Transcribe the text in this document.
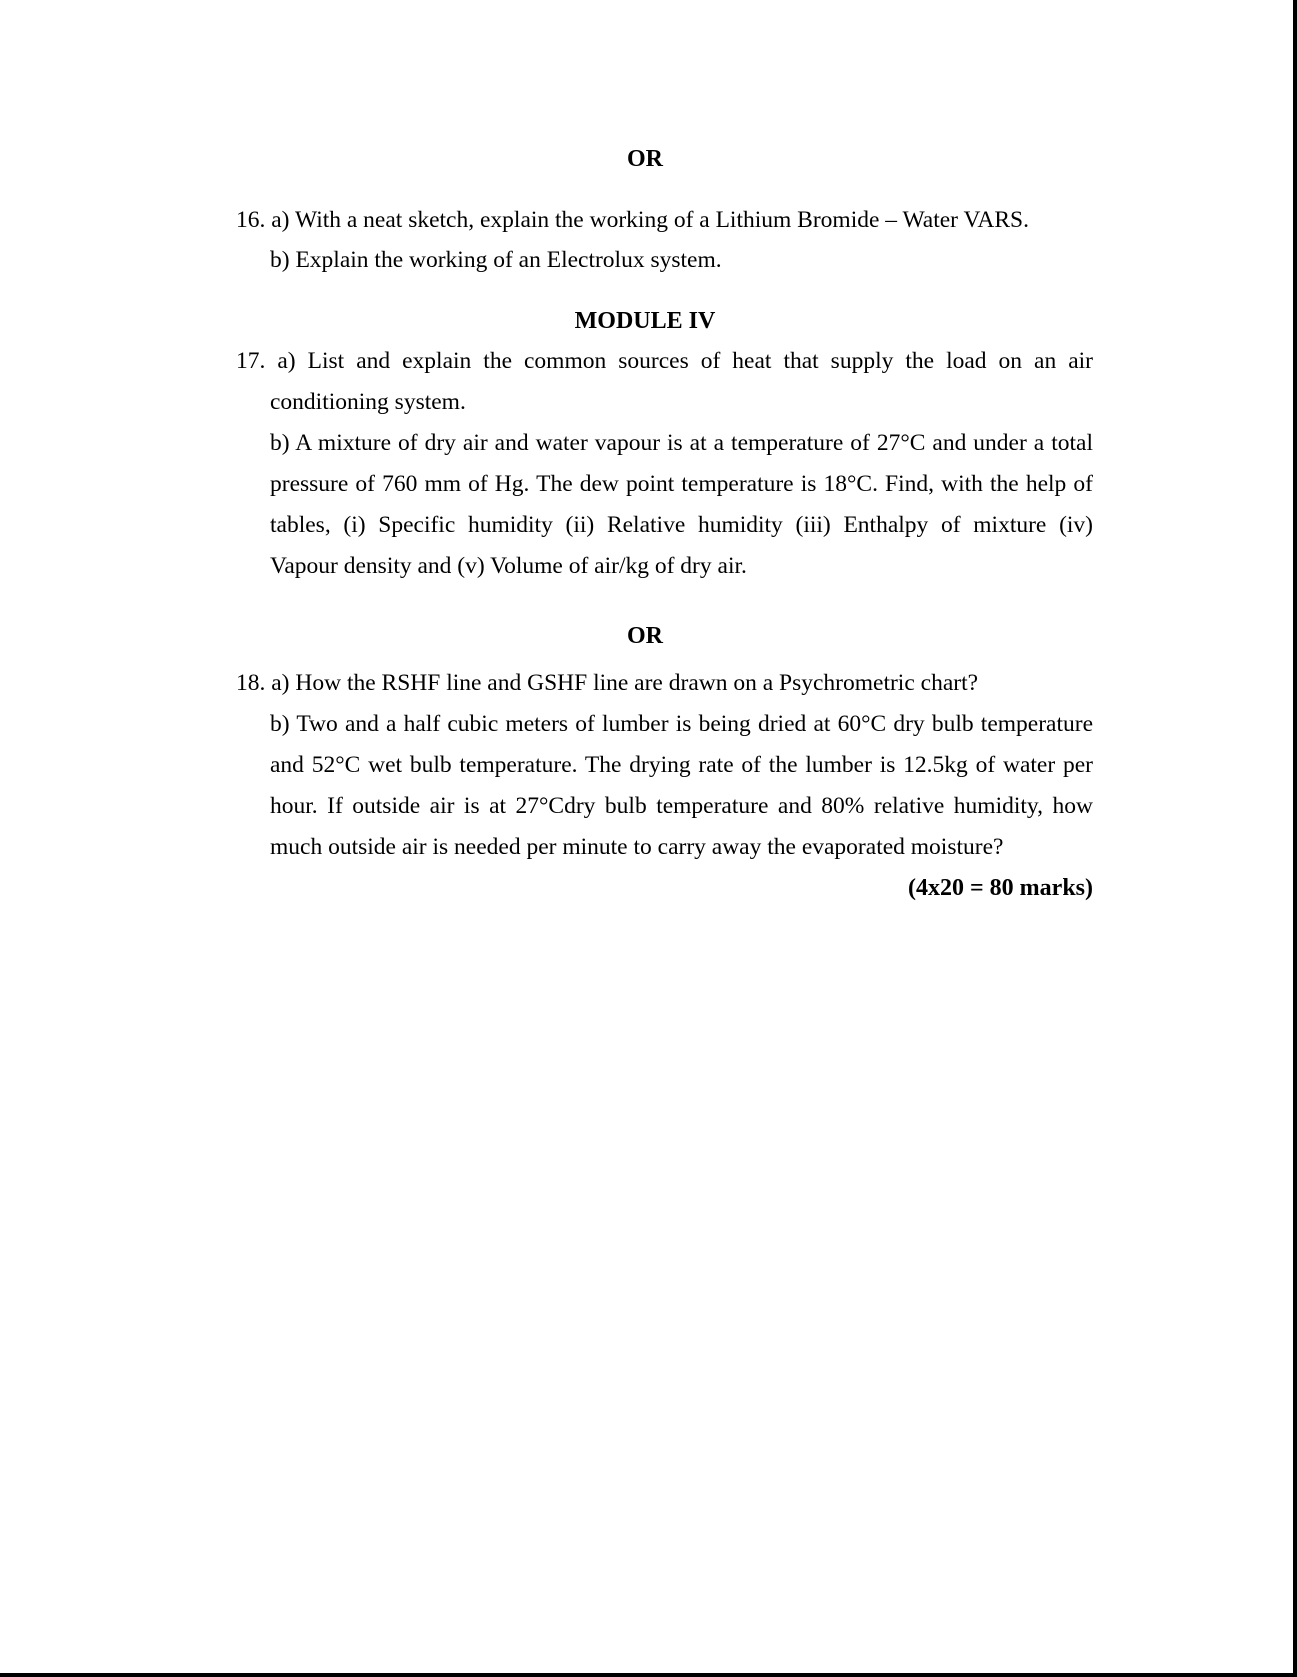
OR
16. a) With a neat sketch, explain the working of a Lithium Bromide – Water VARS.
b) Explain the working of an Electrolux system.
MODULE IV
17. a) List and explain the common sources of heat that supply the load on an air
conditioning system.
b) A mixture of dry air and water vapour is at a temperature of 27°C and under a total
pressure of 760 mm of Hg. The dew point temperature is 18°C. Find, with the help of
tables, (i) Specific humidity (ii) Relative humidity (iii) Enthalpy of mixture (iv)
Vapour density and (v) Volume of air/kg of dry air.
OR
18. a) How the RSHF line and GSHF line are drawn on a Psychrometric chart?
b) Two and a half cubic meters of lumber is being dried at 60°C dry bulb temperature
and 52°C wet bulb temperature. The drying rate of the lumber is 12.5kg of water per
hour. If outside air is at 27°Cdry bulb temperature and 80% relative humidity, how
much outside air is needed per minute to carry away the evaporated moisture?
(4x20 = 80 marks)
